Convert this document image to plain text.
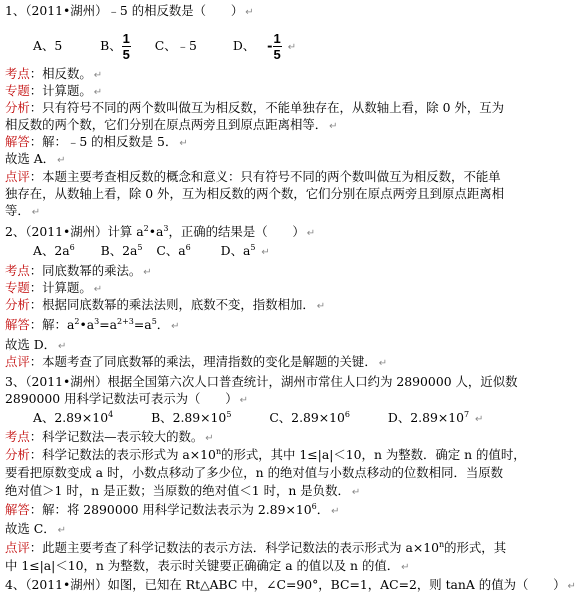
1、（2011•湖州）﹣5 的相反数是（　　） ↵
A、5	B、 $\frac{1}{5}$ C、﹣5	D、 - $\frac{1}{5}$ ↵
考点：相反数。 ↵
专题：计算题。 ↵
分析：只有符号不同的两个数叫做互为相反数，不能单独存在，从数轴上看，除 0 外，互为
相反数的两个数，它们分别在原点两旁且到原点距离相等． ↵
解答：解：﹣5 的相反数是 5． ↵
故选 A． ↵
点评：本题主要考查相反数的概念和意义：只有符号不同的两个数叫做互为相反数，不能单
独存在，从数轴上看，除 0 外，互为相反数的两个数，它们分别在原点两旁且到原点距离相
等． ↵
2、（2011•湖州）计算 $a^2•a^3$，正确的结果是（　　） ↵
A、$2a^6$ B、$2a^5$ C、$a^6$ D、$a^5$ ↵
考点：同底数幂的乘法。 ↵
专题：计算题。 ↵
分析：根据同底数幂的乘法法则，底数不变，指数相加． ↵
解答：解：$a^2•a^3=a^{2+3}=a^5$． ↵
故选 D． ↵
点评：本题考查了同底数幂的乘法，理清指数的变化是解题的关键． ↵
3、（2011•湖州）根据全国第六次人口普查统计，湖州市常住人口约为 2890000 人，近似数
2890000 用科学记数法可表示为（　　） ↵
A、$2.89\times 10^4$	B、$2.89\times 10^5$	C、$2.89\times 10^6$	D、$2.89\times 10^7$ ↵
考点：科学记数法—表示较大的数。 ↵
分析：科学记数法的表示形式为 $a\times 10^n$的形式，其中 1≤|a|＜10，n 为整数．确定 n 的值时，
要看把原数变成 a 时，小数点移动了多少位，n 的绝对值与小数点移动的位数相同．当原数
绝对值＞1 时，n 是正数；当原数的绝对值＜1 时，n 是负数． ↵
解答：解：将 2890000 用科学记数法表示为 $2.89\times 10^6$． ↵
故选 C． ↵
点评：此题主要考查了科学记数法的表示方法．科学记数法的表示形式为 $a\times 10^n$的形式，其
中 1≤|a|＜10，n 为整数，表示时关键要正确确定 a 的值以及 n 的值． ↵
4、（2011•湖州）如图，已知在 Rt△ABC 中，∠C=90°，BC=1，AC=2，则 tanA 的值为（　　） ↵
